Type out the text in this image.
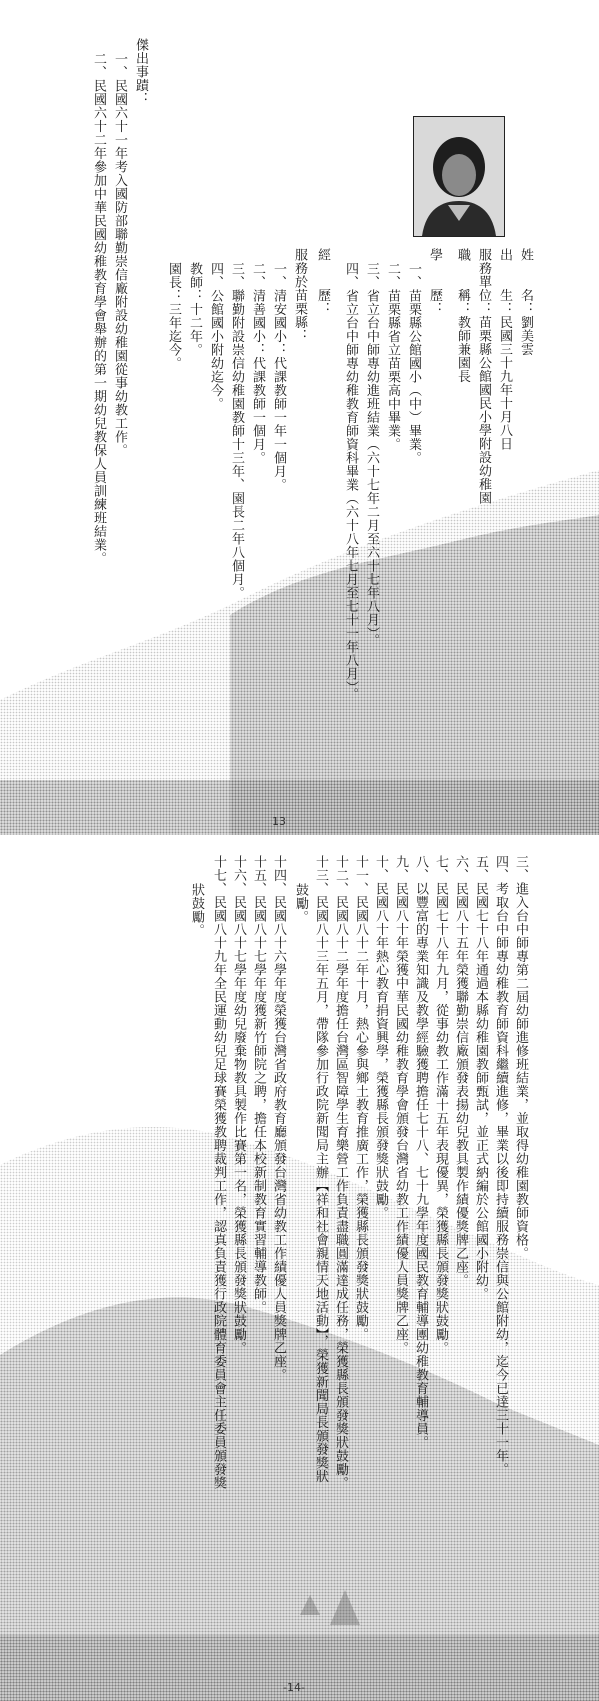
姓　　名：劉美雲
出　　生：民國三十九年十月八日
服務單位：苗栗縣公館國民小學附設幼稚園
職　　稱：教師兼園長
學　　歷：
一、苗栗縣公館國小（中）畢業。
二、苗栗縣省立苗栗高中畢業。
三、省立台中師專幼進班結業（六十七年二月至六十七年八月）。
四、省立台中師專幼稚教育師資科畢業（六十八年七月至七十一年八月）。
經　　歷：
服務於苗栗縣：
一、清安國小：代課教師一年一個月。
二、清善國小：代課教師一個月。
三、聯勤附設崇信幼稚園教師十三年、園長二年八個月。
四、公館國小附幼迄今。
教師：十二年。
園長：三年迄今。
傑出事蹟：
一、民國六十一年考入國防部聯勤崇信廠附設幼稚園從事幼教工作。
二、民國六十二年參加中華民國幼稚教育學會舉辦的第一期幼兒教保人員訓練班結業。
13
三、進入台中師專第二屆幼師進修班結業，並取得幼稚園教師資格。
四、考取台中師專幼稚教育師資科繼續進修，畢業以後即持續服務崇信與公館附幼，迄今已達三十一年。
五、民國七十八年通過本縣幼稚園教師甄試，並正式納編於公館國小附幼。
六、民國八十五年榮獲聯勤崇信廠頒發表揚幼兒教具製作績優獎牌乙座。
七、民國七十八年九月，從事幼教工作滿十五年表現優異，榮獲縣長頒發獎狀鼓勵。
八、以豐富的專業知識及教學經驗獲聘擔任七十八、七十九學年度國民教育輔導團幼稚教育輔導員。
九、民國八十年榮獲中華民國幼稚教育學會頒發台灣省幼教工作績優人員獎牌乙座。
十、民國八十年熱心教育捐資興學，榮獲縣長頒發獎狀鼓勵。
十一、民國八十二年十月，熱心參與鄉土教育推廣工作，榮獲縣長頒發獎狀鼓勵。
十二、民國八十二學年度擔任台灣區智障學生育樂營工作負責盡職圓滿達成任務，榮獲縣長頒發獎狀鼓勵。
十三、民國八十三年五月，帶隊參加行政院新聞局主辦【祥和社會親情天地活動】，榮獲新聞局長頒發獎狀
鼓勵。
十四、民國八十六學年度榮獲台灣省政府教育廳頒發台灣省幼教工作績優人員獎牌乙座。
十五、民國八十七學年度獲新竹師院之聘，擔任本校新制教育實習輔導教師。
十六、民國八十七學年度幼兒廢棄物教具製作比賽第一名，榮獲縣長頒發獎狀鼓勵。
十七、民國八十九年全民運動幼兒足球賽榮獲教聘裁判工作，認真負責獲行政院體育委員會主任委員頒發獎
狀鼓勵。
-14-
